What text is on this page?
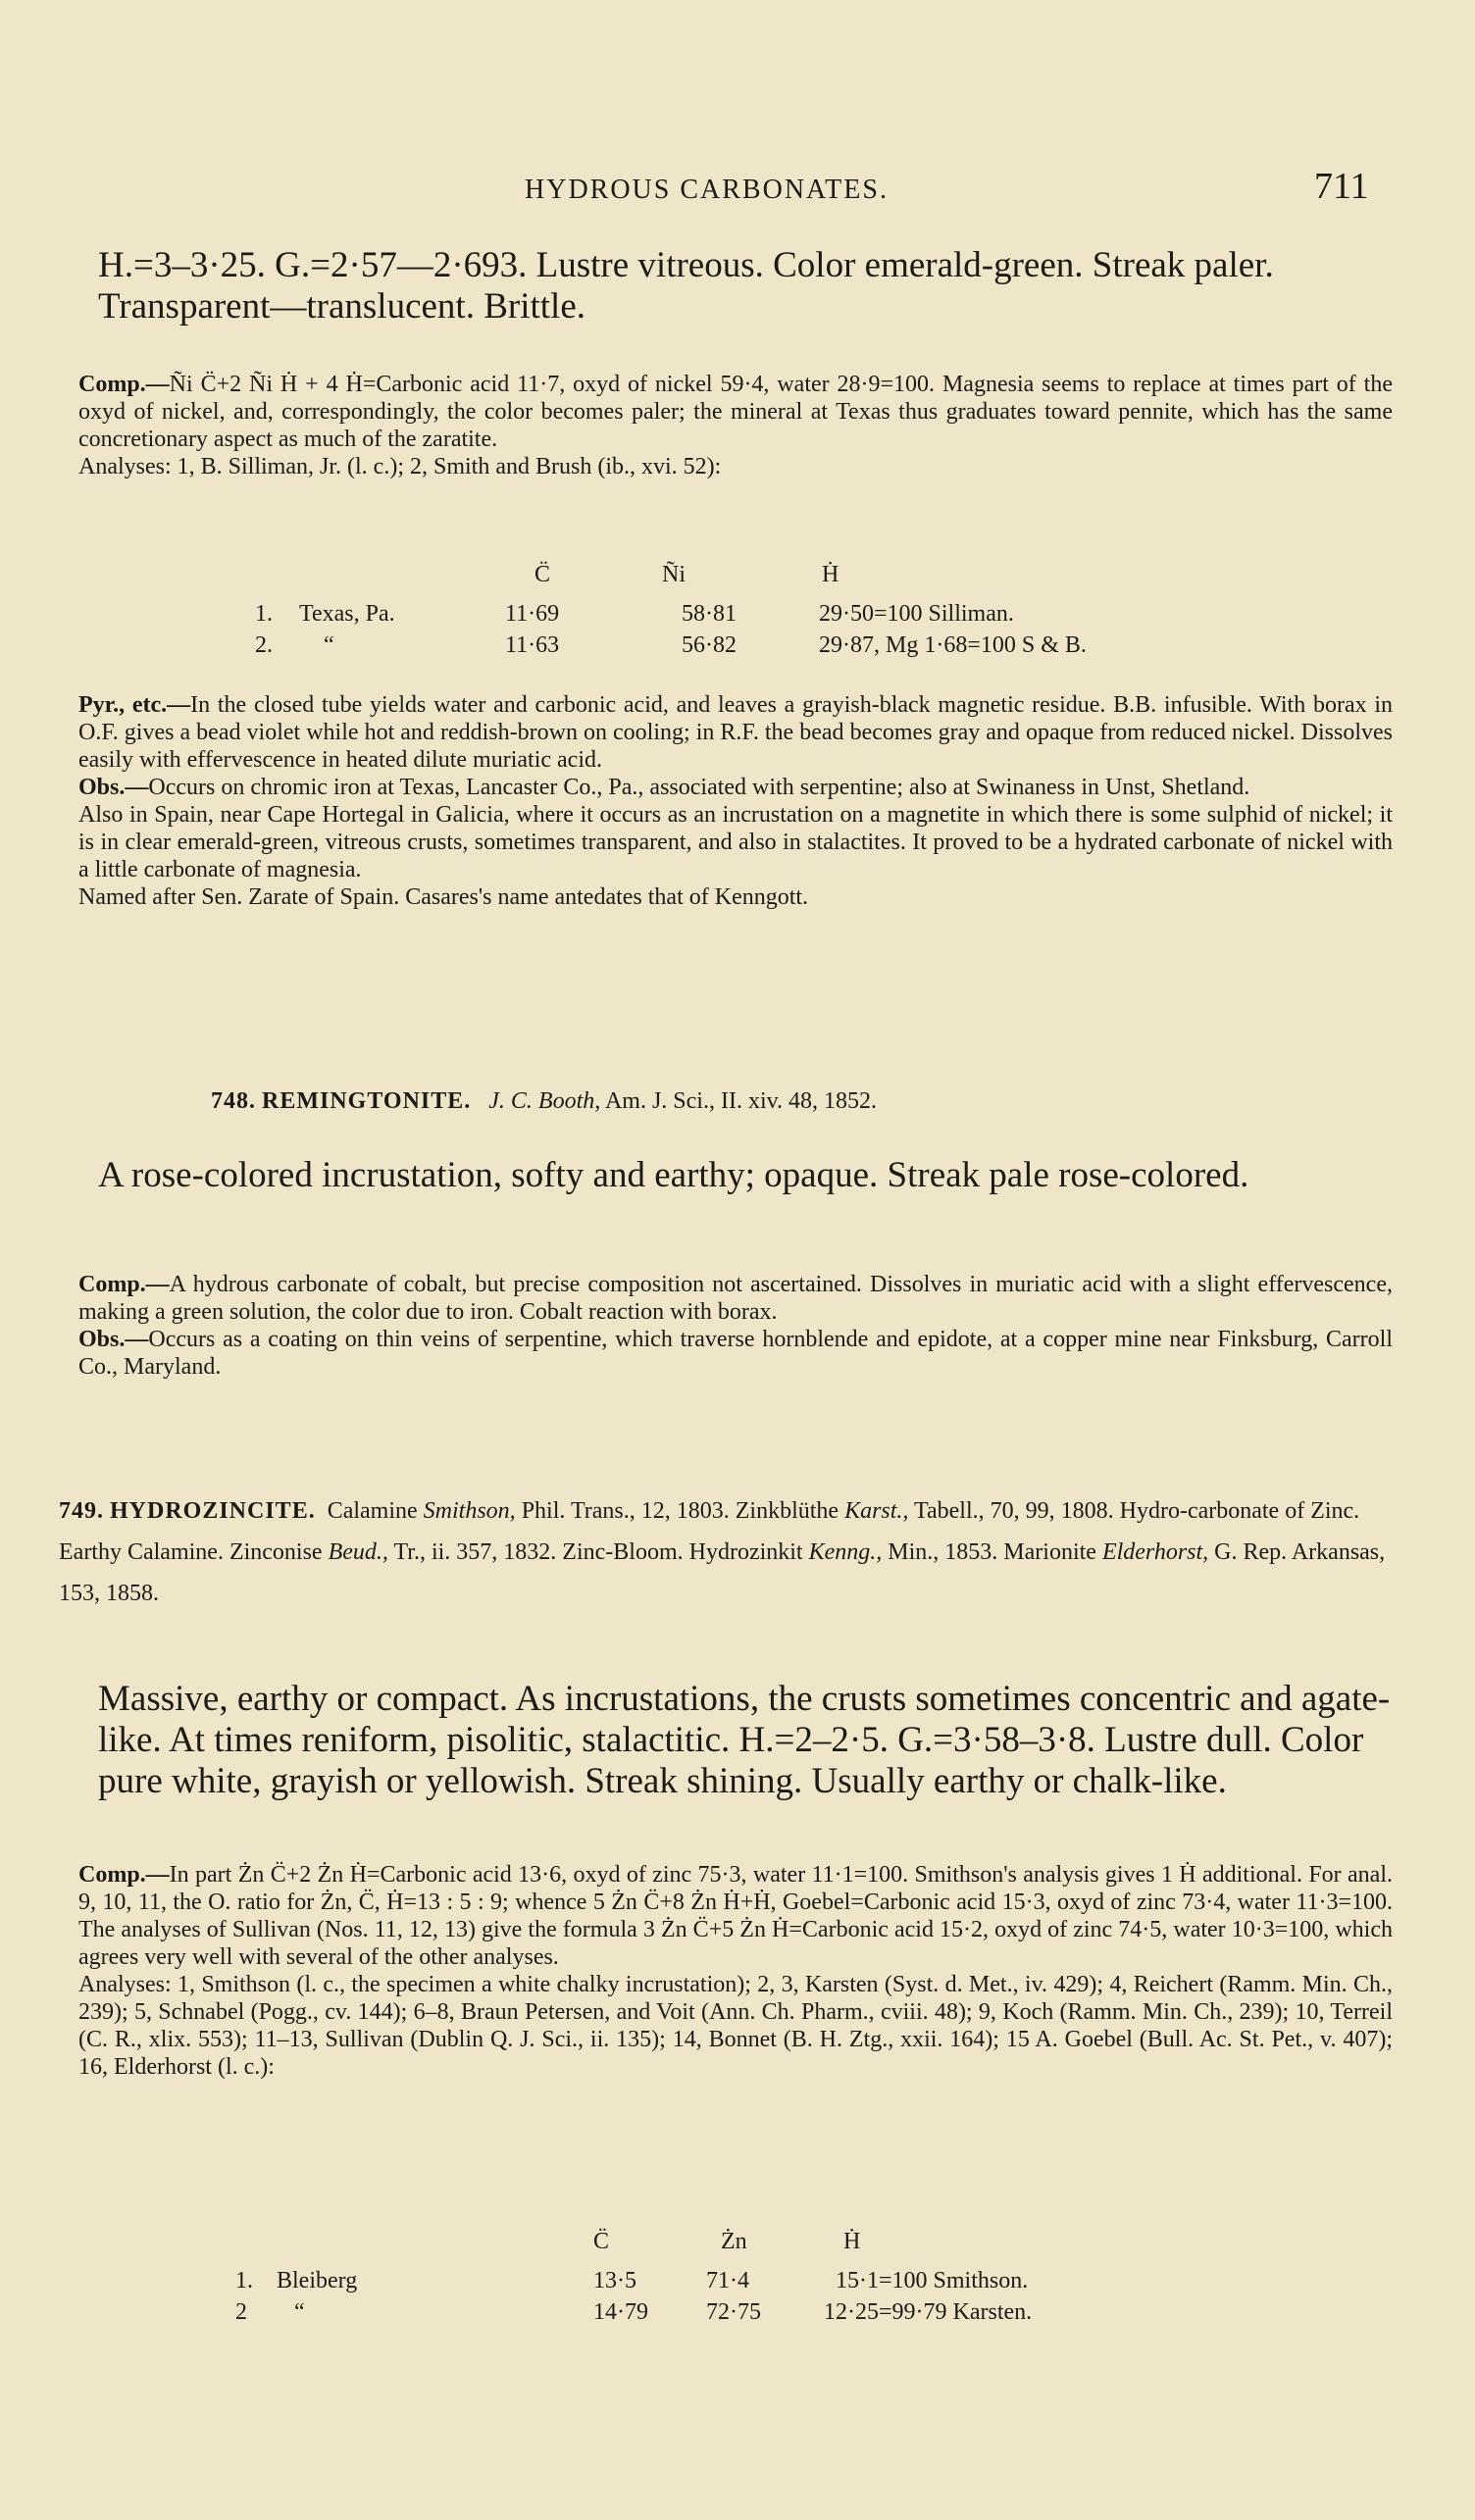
HYDROUS CARBONATES.	711
H.=3–3·25. G.=2·57—2·693. Lustre vitreous. Color emerald-green. Streak paler. Transparent—translucent. Brittle.

Comp.—Ñi C̈+2 Ñi Ḣ + 4 Ḣ=Carbonic acid 11·7, oxyd of nickel 59·4, water 28·9=100. Magnesia seems to replace at times part of the oxyd of nickel, and, correspondingly, the color becomes paler; the mineral at Texas thus graduates toward pennite, which has the same concretionary aspect as much of the zaratite.

Analyses: 1, B. Silliman, Jr. (l. c.); 2, Smith and Brush (ib., xvi. 52):

C̈	Ñi	Ḣ
1. Texas, Pa.	11·69	58·81	29·50=100 Silliman.
2. “	11·63	56·82	29·87, Mg 1·68=100 S & B.

Pyr., etc.—In the closed tube yields water and carbonic acid, and leaves a grayish-black magnetic residue. B.B. infusible. With borax in O.F. gives a bead violet while hot and reddish-brown on cooling; in R.F. the bead becomes gray and opaque from reduced nickel. Dissolves easily with effervescence in heated dilute muriatic acid.

Obs.—Occurs on chromic iron at Texas, Lancaster Co., Pa., associated with serpentine; also at Swinaness in Unst, Shetland.

Also in Spain, near Cape Hortegal in Galicia, where it occurs as an incrustation on a magnetite in which there is some sulphid of nickel; it is in clear emerald-green, vitreous crusts, sometimes transparent, and also in stalactites. It proved to be a hydrated carbonate of nickel with a little carbonate of magnesia.

Named after Sen. Zarate of Spain. Casares's name antedates that of Kenngott.

748. REMINGTONITE. J. C. Booth, Am. J. Sci., II. xiv. 48, 1852.
A rose-colored incrustation, softy and earthy; opaque. Streak pale rose-colored.

Comp.—A hydrous carbonate of cobalt, but precise composition not ascertained. Dissolves in muriatic acid with a slight effervescence, making a green solution, the color due to iron. Cobalt reaction with borax.

Obs.—Occurs as a coating on thin veins of serpentine, which traverse hornblende and epidote, at a copper mine near Finksburg, Carroll Co., Maryland.

749. HYDROZINCITE. Calamine Smithson, Phil. Trans., 12, 1803. Zinkblüthe Karst., Tabell., 70, 99, 1808. Hydro-carbonate of Zinc. Earthy Calamine. Zinconise Beud., Tr., ii. 357, 1832. Zinc-Bloom. Hydrozinkit Kenng., Min., 1853. Marionite Elderhorst, G. Rep. Arkansas, 153, 1858.
Massive, earthy or compact. As incrustations, the crusts sometimes concentric and agate-like. At times reniform, pisolitic, stalactitic. H.=2–2·5. G.=3·58–3·8. Lustre dull. Color pure white, grayish or yellowish. Streak shining. Usually earthy or chalk-like.

Comp.—In part Żn C̈+2 Żn Ḣ=Carbonic acid 13·6, oxyd of zinc 75·3, water 11·1=100. Smithson's analysis gives 1 Ḣ additional. For anal. 9, 10, 11, the O. ratio for Żn, C̈, Ḣ=13 : 5 : 9; whence 5 Żn C̈+8 Żn Ḣ+Ḣ, Goebel=Carbonic acid 15·3, oxyd of zinc 73·4, water 11·3=100. The analyses of Sullivan (Nos. 11, 12, 13) give the formula 3 Żn C̈+5 Żn Ḣ=Carbonic acid 15·2, oxyd of zinc 74·5, water 10·3=100, which agrees very well with several of the other analyses.

Analyses: 1, Smithson (l. c., the specimen a white chalky incrustation); 2, 3, Karsten (Syst. d. Met., iv. 429); 4, Reichert (Ramm. Min. Ch., 239); 5, Schnabel (Pogg., cv. 144); 6–8, Braun Petersen, and Voit (Ann. Ch. Pharm., cviii. 48); 9, Koch (Ramm. Min. Ch., 239); 10, Terreil (C. R., xlix. 553); 11–13, Sullivan (Dublin Q. J. Sci., ii. 135); 14, Bonnet (B. H. Ztg., xxii. 164); 15 A. Goebel (Bull. Ac. St. Pet., v. 407); 16, Elderhorst (l. c.):

C̈	Żn	Ḣ
1. Bleiberg	13·5	71·4	15·1=100 Smithson.
2 “	14·79 72·75	12·25=99·79 Karsten.
